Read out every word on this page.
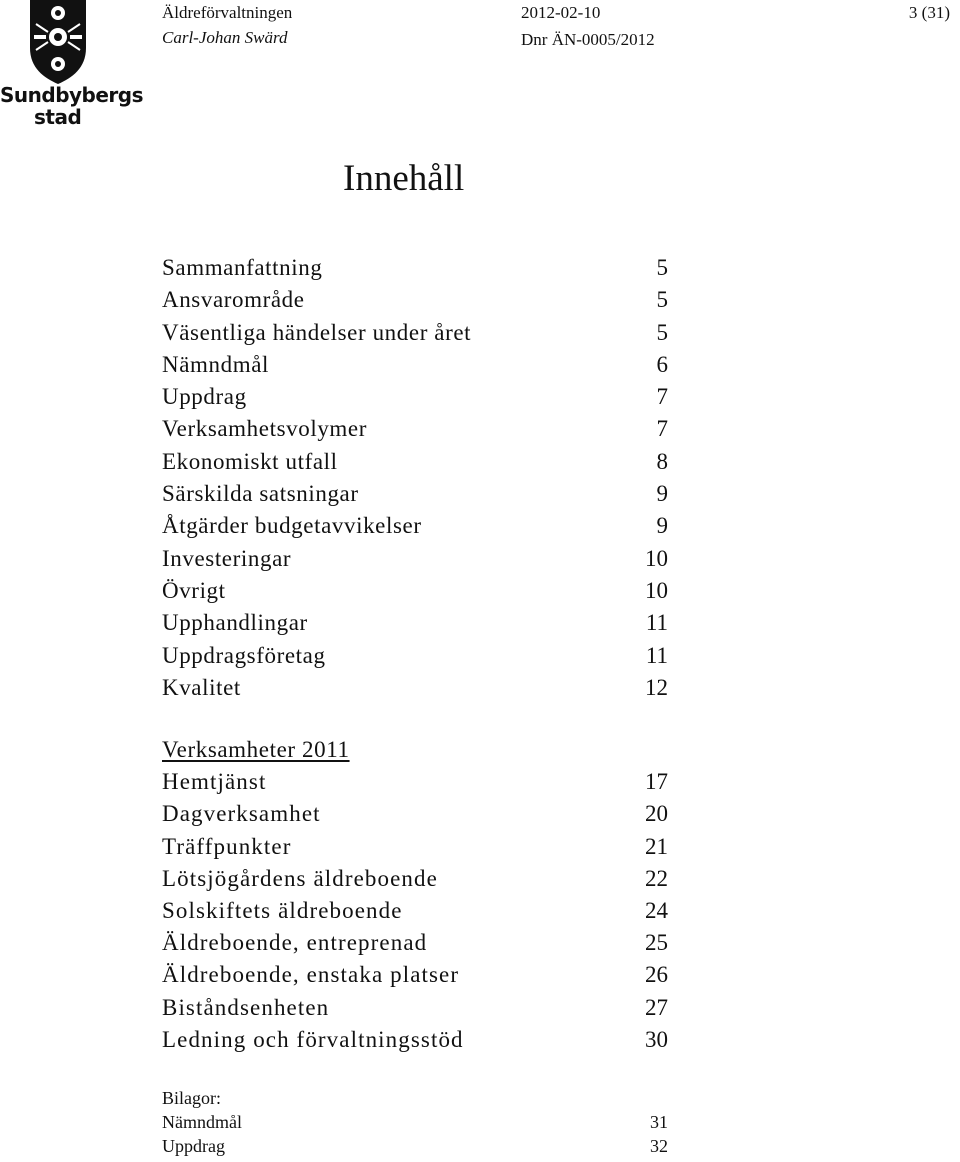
Sundbybergs
stad
Äldreförvaltningen
Carl-Johan Swärd
2012-02-10
Dnr ÄN-0005/2012
3 (31)
Innehåll
Sammanfattning	5
Ansvarområde	5
Väsentliga händelser under året	5
Nämndmål	6
Uppdrag	7
Verksamhetsvolymer	7
Ekonomiskt utfall	8
Särskilda satsningar	9
Åtgärder budgetavvikelser	9
Investeringar	10
Övrigt	10
Upphandlingar	11
Uppdragsföretag	11
Kvalitet	12
Verksamheter 2011
Hemtjänst	17
Dagverksamhet	20
Träffpunkter	21
Lötsjögårdens äldreboende	22
Solskiftets äldreboende	24
Äldreboende, entreprenad	25
Äldreboende, enstaka platser	26
Biståndsenheten	27
Ledning och förvaltningsstöd	30
Bilagor:
Nämndmål	31
Uppdrag	32
